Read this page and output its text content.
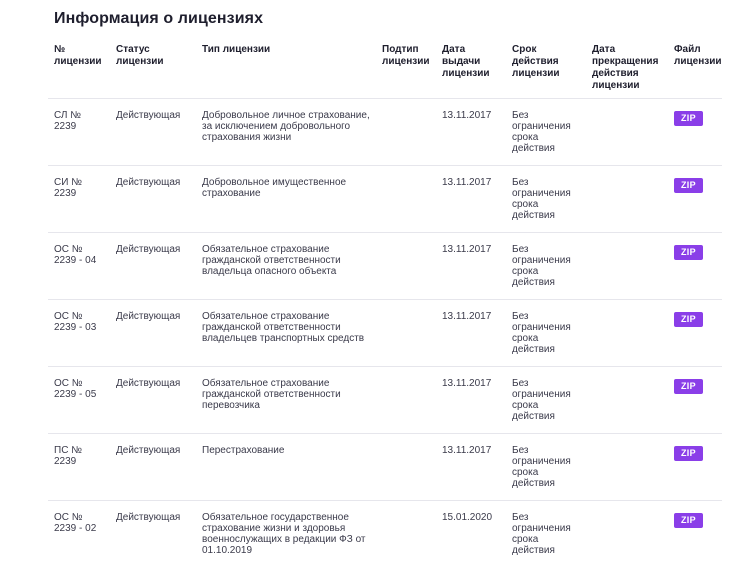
Информация о лицензиях
№ лицензии	Статус лицензии	Тип лицензии	Подтип лицензии	Дата выдачи лицензии	Срок действия лицензии	Дата прекращения действия лицензии	Файл лицензии
СЛ № 2239	Действующая	Добровольное личное страхование, за исключением добровольного страхования жизни		13.11.2017	Без ограничения срока действия		ZIP
СИ № 2239	Действующая	Добровольное имущественное страхование		13.11.2017	Без ограничения срока действия		ZIP
ОС № 2239 - 04	Действующая	Обязательное страхование гражданской ответственности владельца опасного объекта		13.11.2017	Без ограничения срока действия		ZIP
ОС № 2239 - 03	Действующая	Обязательное страхование гражданской ответственности владельцев транспортных средств		13.11.2017	Без ограничения срока действия		ZIP
ОС № 2239 - 05	Действующая	Обязательное страхование гражданской ответственности перевозчика		13.11.2017	Без ограничения срока действия		ZIP
ПС № 2239	Действующая	Перестрахование		13.11.2017	Без ограничения срока действия		ZIP
ОС № 2239 - 02	Действующая	Обязательное государственное страхование жизни и здоровья военнослужащих в редакции ФЗ от 01.10.2019		15.01.2020	Без ограничения срока действия		ZIP
